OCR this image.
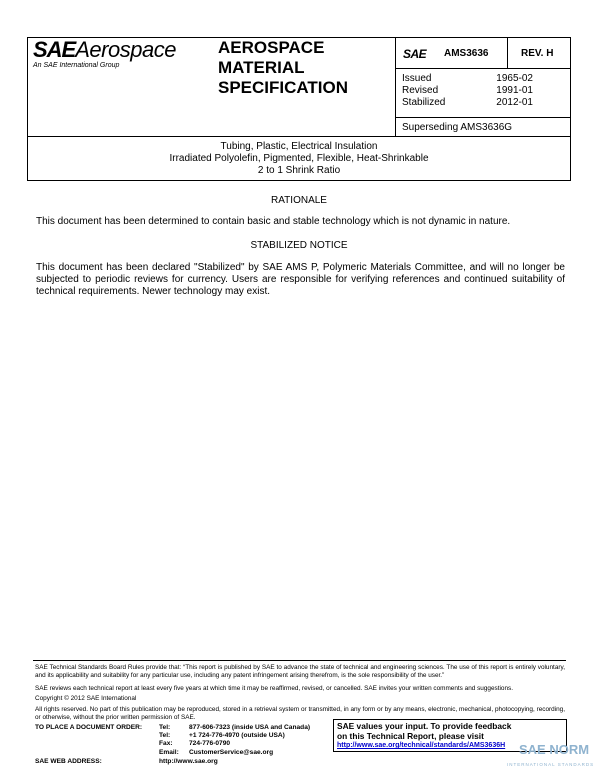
SAEAerospace
An SAE International Group
AEROSPACE
MATERIAL
SPECIFICATION
SAE AMS3636	REV. H
Issued	1965-02
Revised	1991-01
Stabilized	2012-01
Superseding AMS3636G
Tubing, Plastic, Electrical Insulation
Irradiated Polyolefin, Pigmented, Flexible, Heat-Shrinkable
2 to 1 Shrink Ratio
RATIONALE
This document has been determined to contain basic and stable technology which is not dynamic in nature.
STABILIZED NOTICE
This document has been declared "Stabilized" by SAE AMS P, Polymeric Materials Committee, and will no longer be subjected to periodic reviews for currency. Users are responsible for verifying references and continued suitability of technical requirements. Newer technology may exist.
SAE Technical Standards Board Rules provide that: “This report is published by SAE to advance the state of technical and engineering sciences. The use of this report is entirely voluntary, and its applicability and suitability for any particular use, including any patent infringement arising therefrom, is the sole responsibility of the user.”
SAE reviews each technical report at least every five years at which time it may be reaffirmed, revised, or cancelled. SAE invites your written comments and suggestions.
Copyright © 2012 SAE International
All rights reserved. No part of this publication may be reproduced, stored in a retrieval system or transmitted, in any form or by any means, electronic, mechanical, photocopying, recording, or otherwise, without the prior written permission of SAE.
TO PLACE A DOCUMENT ORDER:	Tel:	877-606-7323 (inside USA and Canada)
	Tel:	+1 724-776-4970 (outside USA)
	Fax:	724-776-0790
	Email:	CustomerService@sae.org
SAE WEB ADDRESS:	http://www.sae.org
SAE values your input. To provide feedback
on this Technical Report, please visit
http://www.sae.org/technical/standards/AMS3636H	SAE NORM
INTERNATIONAL STANDARDS
